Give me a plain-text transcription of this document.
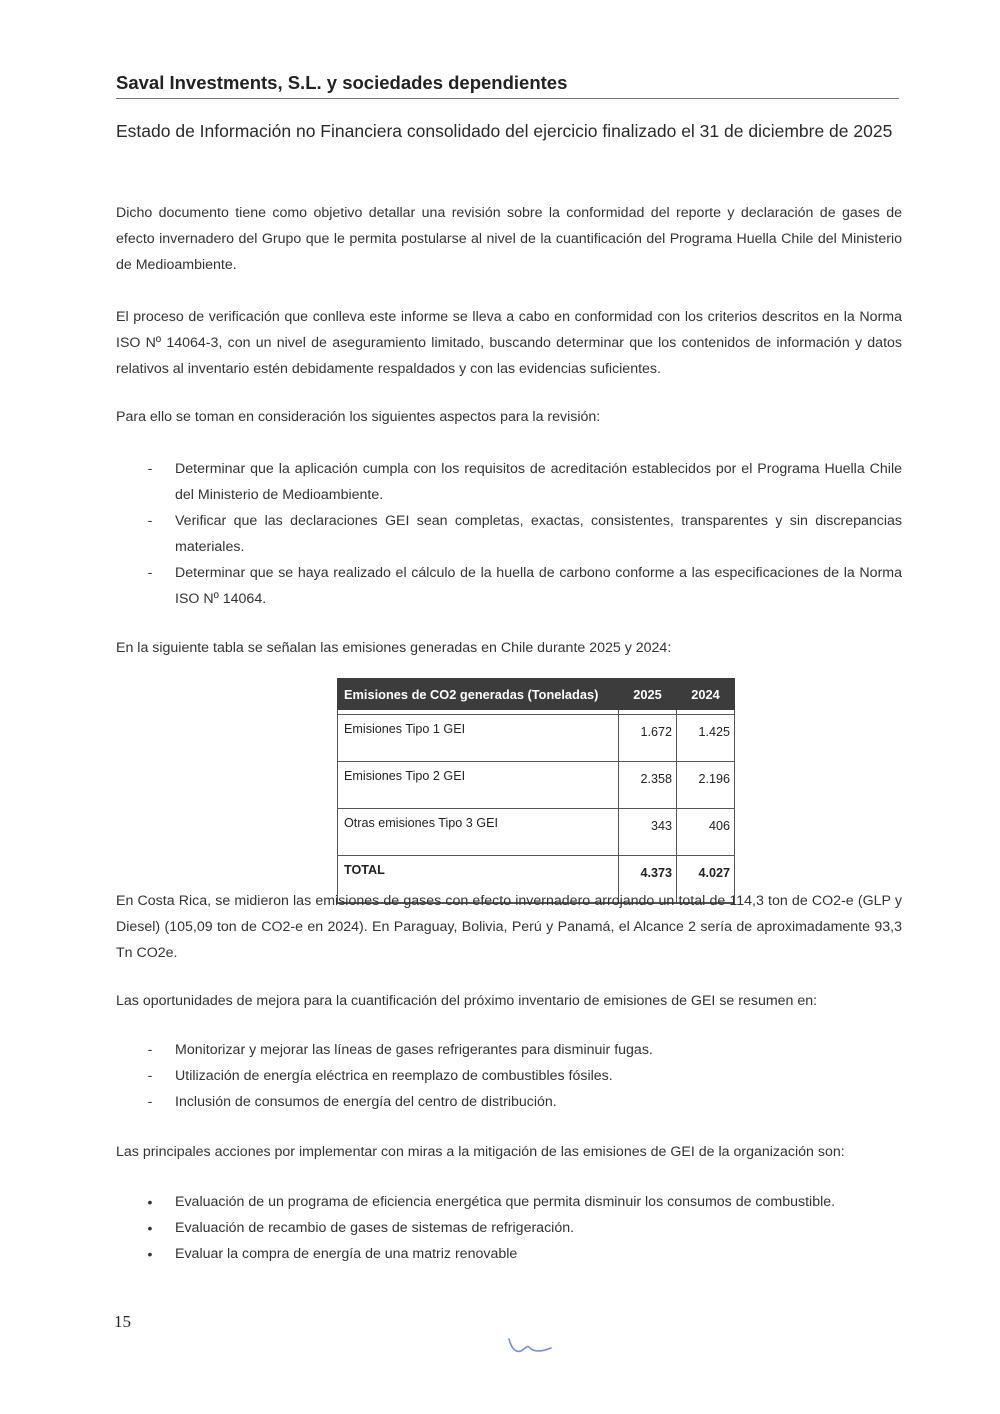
Saval Investments, S.L. y sociedades dependientes
Estado de Información no Financiera consolidado del ejercicio finalizado el 31 de diciembre de 2025

Dicho documento tiene como objetivo detallar una revisión sobre la conformidad del reporte y declaración de gases de efecto invernadero del Grupo que le permita postularse al nivel de la cuantificación del Programa Huella Chile del Ministerio de Medioambiente.

El proceso de verificación que conlleva este informe se lleva a cabo en conformidad con los criterios descritos en la Norma ISO Nº 14064-3, con un nivel de aseguramiento limitado, buscando determinar que los contenidos de información y datos relativos al inventario estén debidamente respaldados y con las evidencias suficientes.

Para ello se toman en consideración los siguientes aspectos para la revisión:

- Determinar que la aplicación cumpla con los requisitos de acreditación establecidos por el Programa Huella Chile del Ministerio de Medioambiente.
- Verificar que las declaraciones GEI sean completas, exactas, consistentes, transparentes y sin discrepancias materiales.
- Determinar que se haya realizado el cálculo de la huella de carbono conforme a las especificaciones de la Norma ISO Nº 14064.

En la siguiente tabla se señalan las emisiones generadas en Chile durante 2025 y 2024:

Emisiones de CO2 generadas (Toneladas)	2025	2024

Emisiones Tipo 1 GEI	1.672	1.425
Emisiones Tipo 2 GEI	2.358	2.196
Otras emisiones Tipo 3 GEI	343	406
TOTAL	4.373	4.027

En Costa Rica, se midieron las emisiones de gases con efecto invernadero arrojando un total de 114,3 ton de CO2-e (GLP y Diesel) (105,09 ton de CO2-e en 2024). En Paraguay, Bolivia, Perú y Panamá, el Alcance 2 sería de aproximadamente 93,3 Tn CO2e.

Las oportunidades de mejora para la cuantificación del próximo inventario de emisiones de GEI se resumen en:

- Monitorizar y mejorar las líneas de gases refrigerantes para disminuir fugas.
- Utilización de energía eléctrica en reemplazo de combustibles fósiles.
- Inclusión de consumos de energía del centro de distribución.

Las principales acciones por implementar con miras a la mitigación de las emisiones de GEI de la organización son:

• Evaluación de un programa de eficiencia energética que permita disminuir los consumos de combustible.
• Evaluación de recambio de gases de sistemas de refrigeración.
• Evaluar la compra de energía de una matriz renovable
15
